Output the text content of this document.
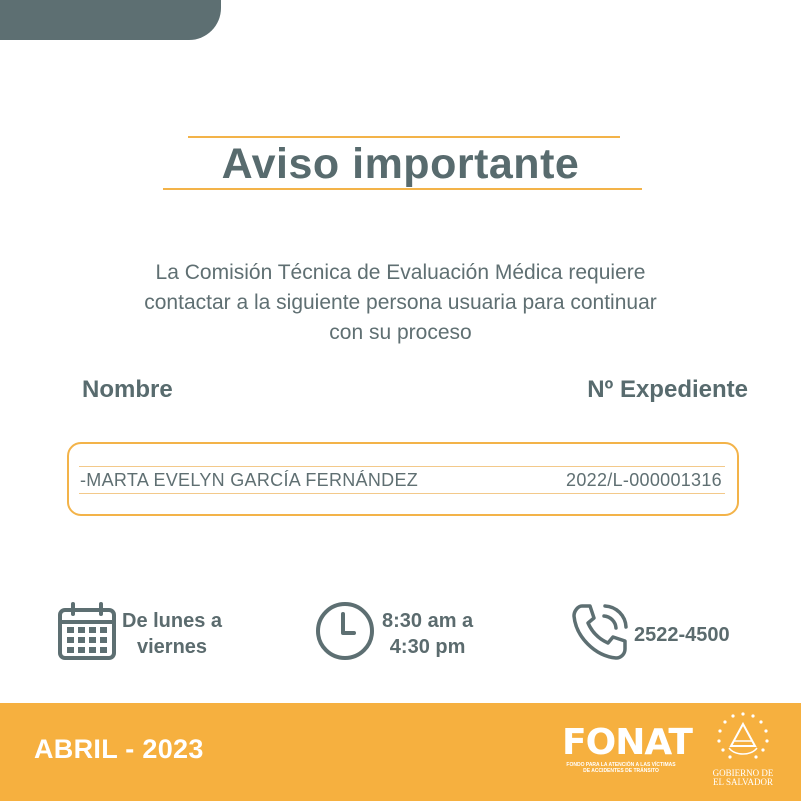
Aviso importante
La Comisión Técnica de Evaluación Médica requiere
contactar a la siguiente persona usuaria para continuar
con su proceso
Nombre	Nº Expediente
-MARTA EVELYN GARCÍA FERNÁNDEZ	2022/L-000001316
De lunes a
viernes
8:30 am a
4:30 pm
2522-4500
ABRIL - 2023	FONAT
FONDO PARA LA ATENCIÓN A LAS VÍCTIMAS
DE ACCIDENTES DE TRÁNSITO	GOBIERNO DE
EL SALVADOR
